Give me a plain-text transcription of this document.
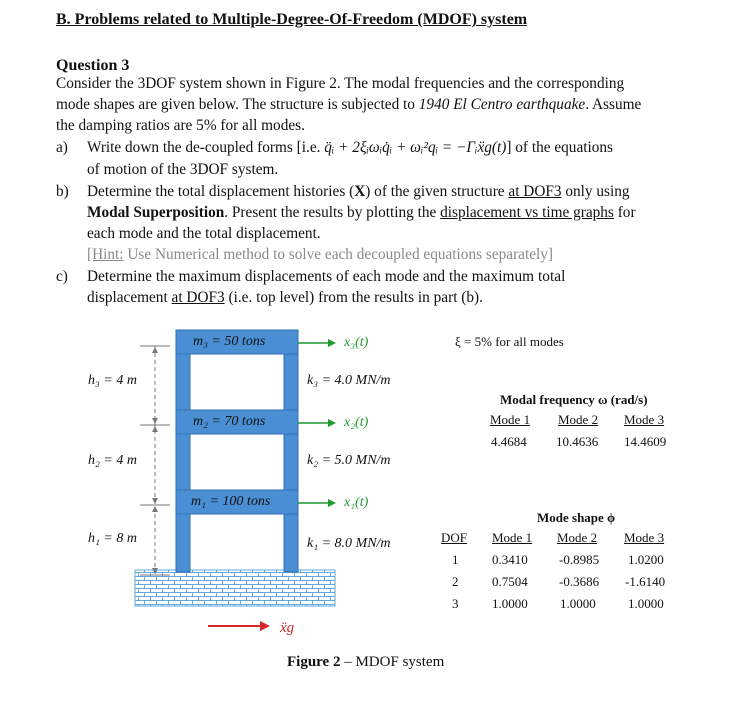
B. Problems related to Multiple-Degree-Of-Freedom (MDOF) system
Question 3
Consider the 3DOF system shown in Figure 2. The modal frequencies and the corresponding
mode shapes are given below. The structure is subjected to 1940 El Centro earthquake. Assume
the damping ratios are 5% for all modes.
a) Write down the de-coupled forms [i.e. q̈ᵢ + 2ξᵢωᵢq̇ᵢ + ωᵢ²qᵢ = −Γᵢẍg(t)] of the equations
of motion of the 3DOF system.
b) Determine the total displacement histories (X) of the given structure at DOF3 only using
Modal Superposition. Present the results by plotting the displacement vs time graphs for
each mode and the total displacement.
[Hint: Use Numerical method to solve each decoupled equations separately]
c) Determine the maximum displacements of each mode and the maximum total
displacement at DOF3 (i.e. top level) from the results in part (b).
m₃ = 50 tons
m₂ = 70 tons
m₁ = 100 tons
x₃(t)
x₂(t)
x₁(t)
h₃ = 4 m
h₂ = 4 m
h₁ = 8 m
k₃ = 4.0 MN/m
k₂ = 5.0 MN/m
k₁ = 8.0 MN/m
ẍg
ξ = 5% for all modes
Modal frequency ω (rad/s)
Mode 1 Mode 2 Mode 3
4.4684 10.4636 14.4609
Mode shape ϕ
DOF Mode 1 Mode 2 Mode 3
1	0.3410 -0.8985 1.0200
2	0.7504 -0.3686 -1.6140
3	1.0000 1.0000 1.0000
Figure 2 – MDOF system
